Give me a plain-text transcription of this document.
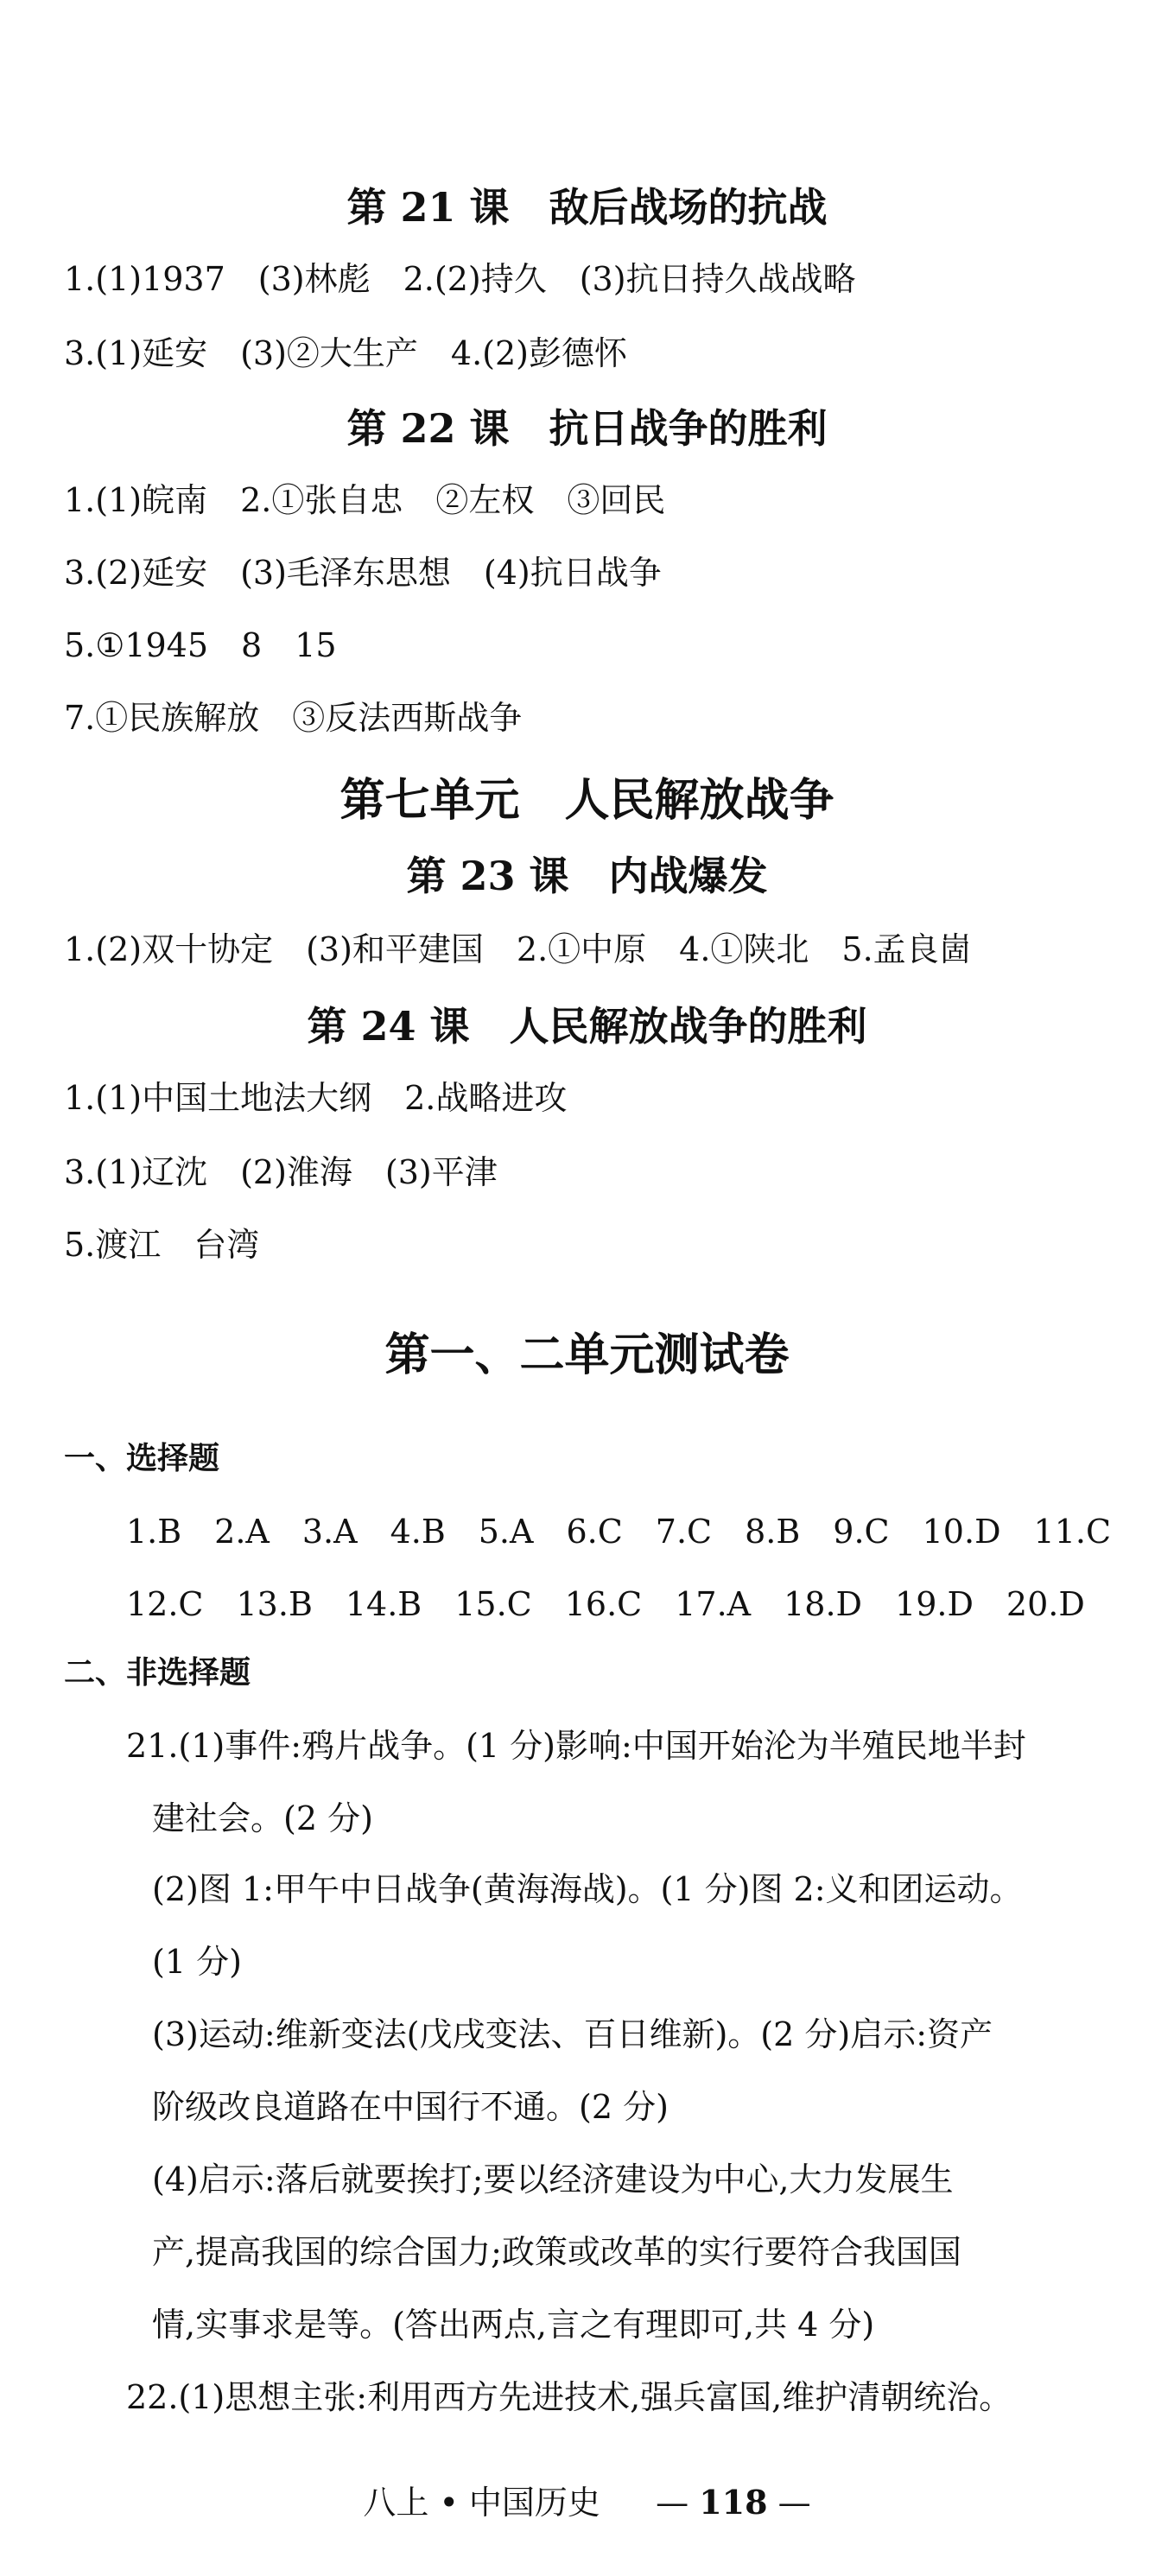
第 21 课　敌后战场的抗战
1.(1)1937　(3)林彪　2.(2)持久　(3)抗日持久战战略
3.(1)延安　(3)②大生产　4.(2)彭德怀
第 22 课　抗日战争的胜利
1.(1)皖南　2.①张自忠　②左权　③回民
3.(2)延安　(3)毛泽东思想　(4)抗日战争
5.①1945　8　15
7.①民族解放　③反法西斯战争
第七单元　人民解放战争
第 23 课　内战爆发
1.(2)双十协定　(3)和平建国　2.①中原　4.①陕北　5.孟良崮
第 24 课　人民解放战争的胜利
1.(1)中国土地法大纲　2.战略进攻
3.(1)辽沈　(2)淮海　(3)平津
5.渡江　台湾
第一、二单元测试卷
一、选择题
1.B　2.A　3.A　4.B　5.A　6.C　7.C　8.B　9.C　10.D　11.C
12.C　13.B　14.B　15.C　16.C　17.A　18.D　19.D　20.D
二、非选择题
21.(1)事件:鸦片战争。(1 分)影响:中国开始沦为半殖民地半封
建社会。(2 分)
(2)图 1:甲午中日战争(黄海海战)。(1 分)图 2:义和团运动。
(1 分)
(3)运动:维新变法(戊戌变法、百日维新)。(2 分)启示:资产
阶级改良道路在中国行不通。(2 分)
(4)启示:落后就要挨打;要以经济建设为中心,大力发展生
产,提高我国的综合国力;政策或改革的实行要符合我国国
情,实事求是等。(答出两点,言之有理即可,共 4 分)
22.(1)思想主张:利用西方先进技术,强兵富国,维护清朝统治。
八上 • 中国历史 — 118 —
